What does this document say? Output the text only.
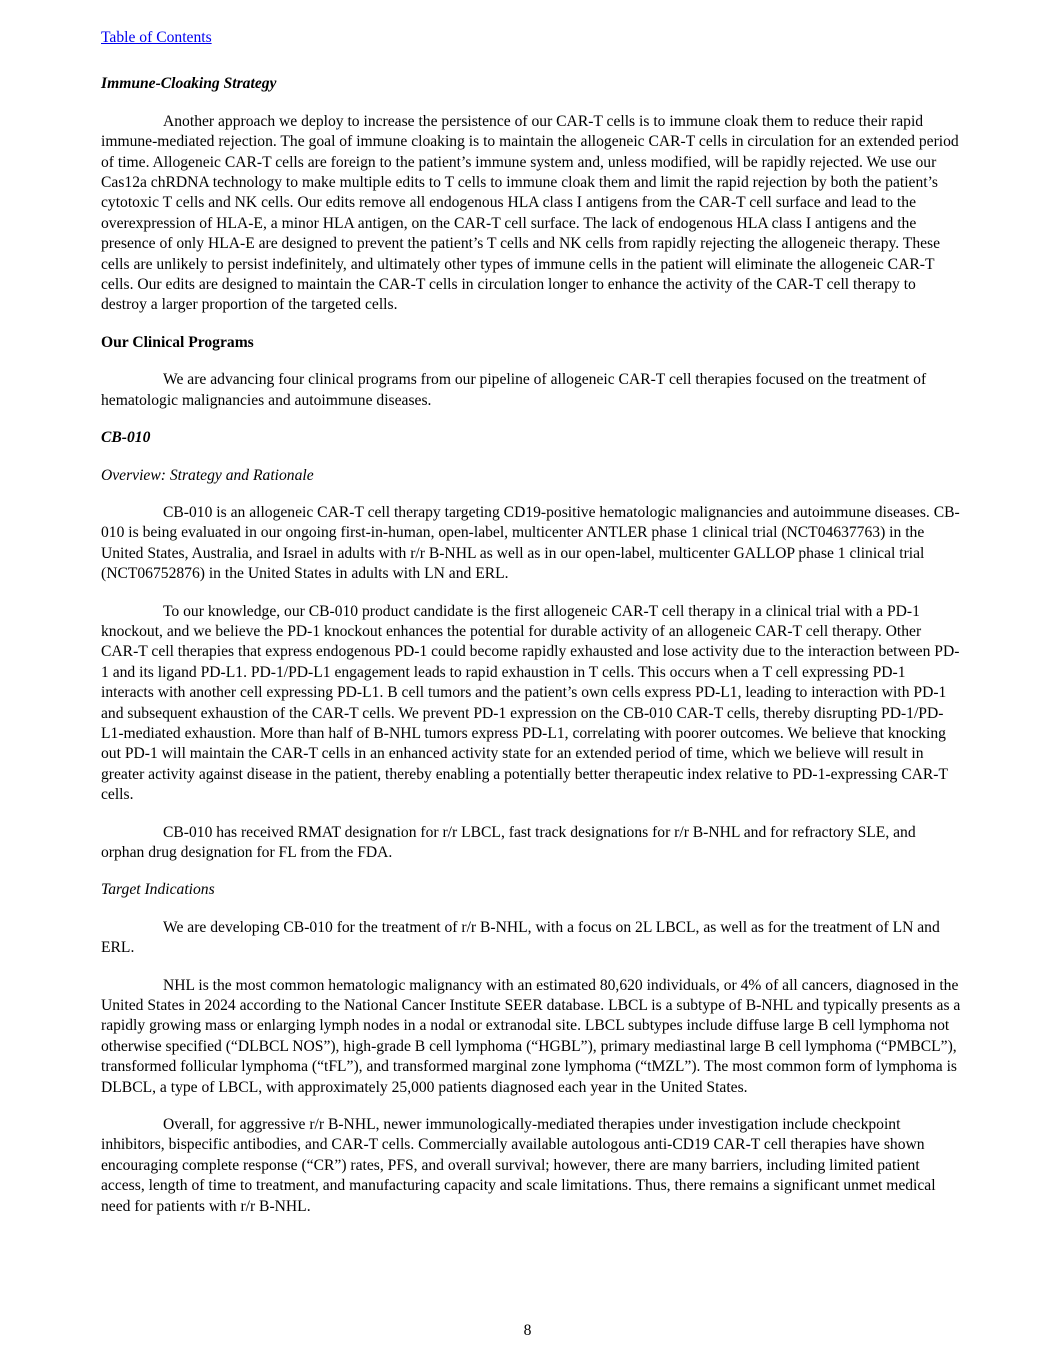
Table of Contents
Immune-Cloaking Strategy

Another approach we deploy to increase the persistence of our CAR-T cells is to immune cloak them to reduce their rapid immune-mediated rejection. The goal of immune cloaking is to maintain the allogeneic CAR-T cells in circulation for an extended period of time. Allogeneic CAR-T cells are foreign to the patient’s immune system and, unless modified, will be rapidly rejected. We use our Cas12a chRDNA technology to make multiple edits to T cells to immune cloak them and limit the rapid rejection by both the patient’s cytotoxic T cells and NK cells. Our edits remove all endogenous HLA class I antigens from the CAR-T cell surface and lead to the overexpression of HLA-E, a minor HLA antigen, on the CAR-T cell surface. The lack of endogenous HLA class I antigens and the presence of only HLA-E are designed to prevent the patient’s T cells and NK cells from rapidly rejecting the allogeneic therapy. These cells are unlikely to persist indefinitely, and ultimately other types of immune cells in the patient will eliminate the allogeneic CAR-T cells. Our edits are designed to maintain the CAR-T cells in circulation longer to enhance the activity of the CAR-T cell therapy to destroy a larger proportion of the targeted cells.

Our Clinical Programs

We are advancing four clinical programs from our pipeline of allogeneic CAR-T cell therapies focused on the treatment of hematologic malignancies and autoimmune diseases.

CB-010
Overview: Strategy and Rationale

CB-010 is an allogeneic CAR-T cell therapy targeting CD19-positive hematologic malignancies and autoimmune diseases. CB-010 is being evaluated in our ongoing first-in-human, open-label, multicenter ANTLER phase 1 clinical trial (NCT04637763) in the United States, Australia, and Israel in adults with r/r B-NHL as well as in our open-label, multicenter GALLOP phase 1 clinical trial (NCT06752876) in the United States in adults with LN and ERL.

To our knowledge, our CB-010 product candidate is the first allogeneic CAR-T cell therapy in a clinical trial with a PD-1 knockout, and we believe the PD-1 knockout enhances the potential for durable activity of an allogeneic CAR-T cell therapy. Other CAR-T cell therapies that express endogenous PD-1 could become rapidly exhausted and lose activity due to the interaction between PD-1 and its ligand PD-L1. PD-1/PD-L1 engagement leads to rapid exhaustion in T cells. This occurs when a T cell expressing PD-1 interacts with another cell expressing PD-L1. B cell tumors and the patient’s own cells express PD-L1, leading to interaction with PD-1 and subsequent exhaustion of the CAR-T cells. We prevent PD-1 expression on the CB-010 CAR-T cells, thereby disrupting PD-1/PD-L1-mediated exhaustion. More than half of B-NHL tumors express PD-L1, correlating with poorer outcomes. We believe that knocking out PD-1 will maintain the CAR-T cells in an enhanced activity state for an extended period of time, which we believe will result in greater activity against disease in the patient, thereby enabling a potentially better therapeutic index relative to PD-1-expressing CAR-T cells.

CB-010 has received RMAT designation for r/r LBCL, fast track designations for r/r B-NHL and for refractory SLE, and orphan drug designation for FL from the FDA.

Target Indications

We are developing CB-010 for the treatment of r/r B-NHL, with a focus on 2L LBCL, as well as for the treatment of LN and ERL.

NHL is the most common hematologic malignancy with an estimated 80,620 individuals, or 4% of all cancers, diagnosed in the United States in 2024 according to the National Cancer Institute SEER database. LBCL is a subtype of B-NHL and typically presents as a rapidly growing mass or enlarging lymph nodes in a nodal or extranodal site. LBCL subtypes include diffuse large B cell lymphoma not otherwise specified (“DLBCL NOS”), high-grade B cell lymphoma (“HGBL”), primary mediastinal large B cell lymphoma (“PMBCL”), transformed follicular lymphoma (“tFL”), and transformed marginal zone lymphoma (“tMZL”). The most common form of lymphoma is DLBCL, a type of LBCL, with approximately 25,000 patients diagnosed each year in the United States.

Overall, for aggressive r/r B-NHL, newer immunologically-mediated therapies under investigation include checkpoint inhibitors, bispecific antibodies, and CAR-T cells. Commercially available autologous anti-CD19 CAR-T cell therapies have shown encouraging complete response (“CR”) rates, PFS, and overall survival; however, there are many barriers, including limited patient access, length of time to treatment, and manufacturing capacity and scale limitations. Thus, there remains a significant unmet medical need for patients with r/r B-NHL.

8
